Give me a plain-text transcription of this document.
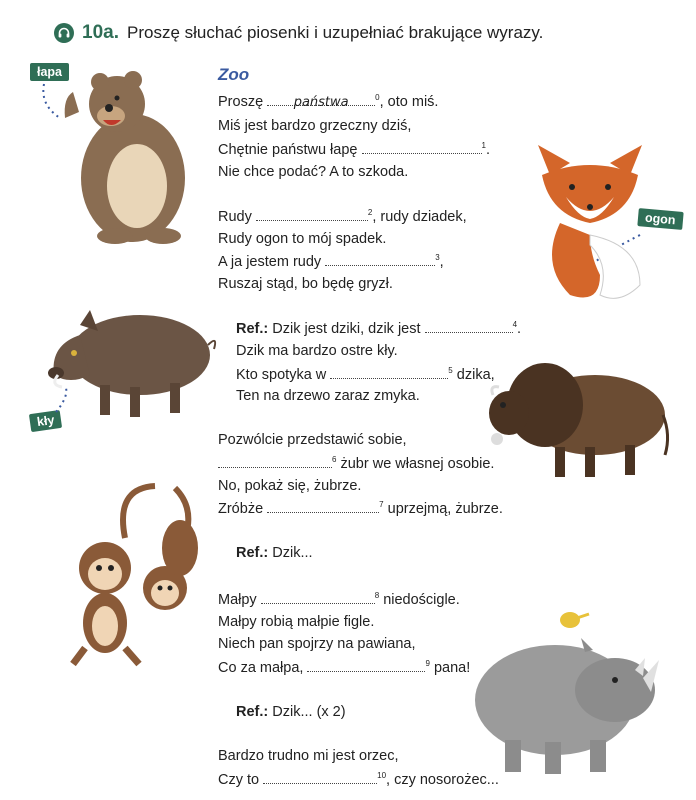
10a. Proszę słuchać piosenki i uzupełniać brakujące wyrazy.
Zoo
Proszę państwa	$^0$, oto miś.
Miś jest bardzo grzeczny dziś,
Chętnie państwu łapę	$^1$.
Nie chce podać? A to szkoda.
Rudy	$^2$, rudy dziadek,
Rudy ogon to mój spadek.
A ja jestem rudy	$^3$,
Ruszaj stąd, bo będę gryzł.
Ref.: Dzik jest dziki, dzik jest	$^4$.
Dzik ma bardzo ostre kły.
Kto spotyka w	$^5$ dzika,
Ten na drzewo zaraz zmyka.
Pozwólcie przedstawić sobie,
$^6$ żubr we własnej osobie.
No, pokaż się, żubrze.
Zróbże	$^7$ uprzejmą, żubrze.
Ref.: Dzik...
Małpy	$^8$ niedościgle.
Małpy robią małpie figle.
Niech pan spojrzy na pawiana,
Co za małpa,	$^9$ pana!
Ref.: Dzik... (x 2)
Bardzo trudno mi jest orzec,
Czy to	$^{10}$, czy nosorożec...
łapa
ogon
kły
